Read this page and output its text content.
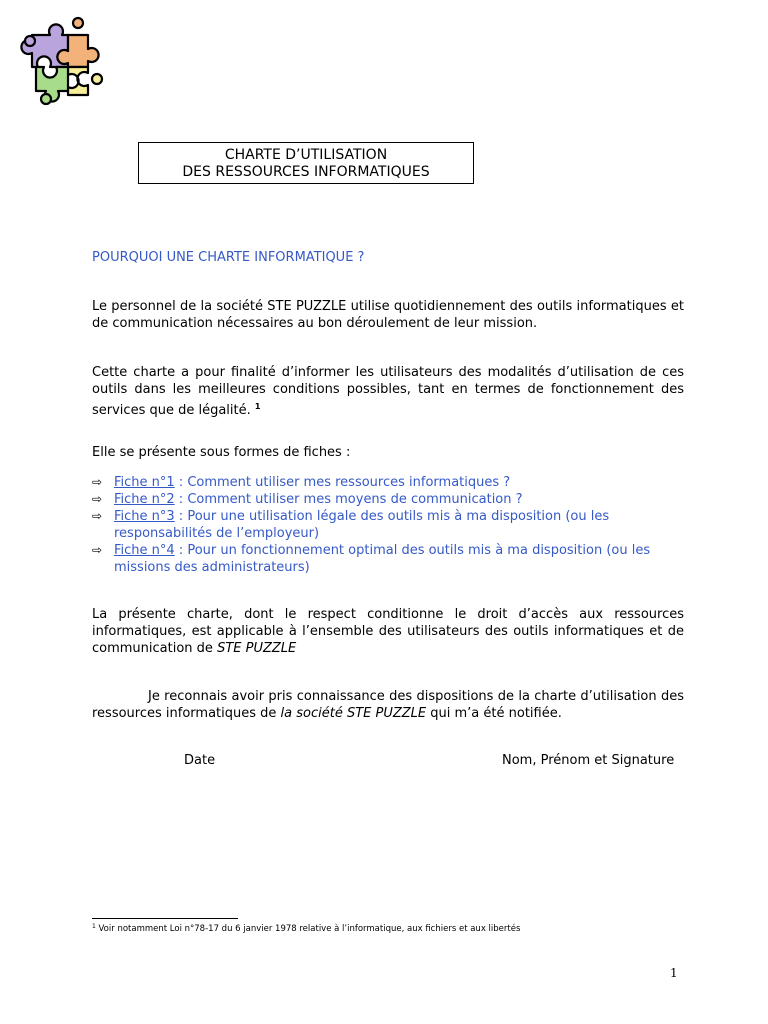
CHARTE D’UTILISATION
DES RESSOURCES INFORMATIQUES
POURQUOI UNE CHARTE INFORMATIQUE ?
Le personnel de la société STE PUZZLE utilise quotidiennement des outils informatiques et de communication nécessaires au bon déroulement de leur mission.
Cette charte a pour finalité d’informer les utilisateurs des modalités d’utilisation de ces outils dans les meilleures conditions possibles, tant en termes de fonctionnement des services que de légalité. $^1$
Elle se présente sous formes de fiches :
⇨ Fiche n°1 : Comment utiliser mes ressources informatiques ?
⇨ Fiche n°2 : Comment utiliser mes moyens de communication ?
⇨ Fiche n°3 : Pour une utilisation légale des outils mis à ma disposition (ou les responsabilités de l’employeur)
⇨ Fiche n°4 : Pour un fonctionnement optimal des outils mis à ma disposition (ou les missions des administrateurs)
La présente charte, dont le respect conditionne le droit d’accès aux ressources informatiques, est applicable à l’ensemble des utilisateurs des outils informatiques et de communication de STE PUZZLE
Je reconnais avoir pris connaissance des dispositions de la charte d’utilisation des ressources informatiques de la société STE PUZZLE qui m’a été notifiée.
Date	Nom, Prénom et Signature
$^1$ Voir notamment Loi n°78-17 du 6 janvier 1978 relative à l’informatique, aux fichiers et aux libertés
1
